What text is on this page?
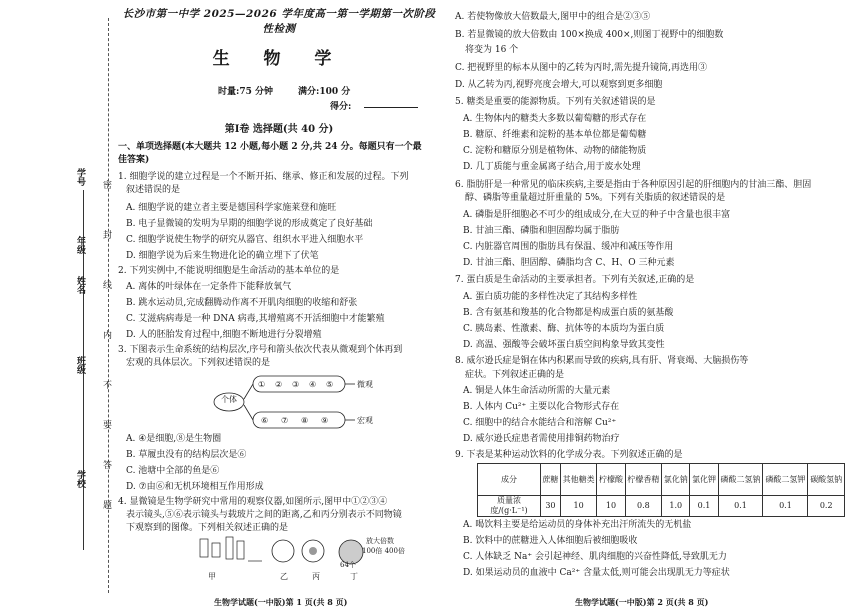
学号
年级
姓名
班级
学校
密
封
线
内
不
要
答
题
长沙市第一中学 2025—2026 学年度高一第一学期第一次阶段性检测
生 物 学
时量:75 分钟	满分:100 分
得分:
第Ⅰ卷 选择题(共 40 分)
一、单项选择题(本大题共 12 小题,每小题 2 分,共 24 分。每题只有一个最
佳答案)
1. 细胞学说的建立过程是一个不断开拓、继承、修正和发展的过程。下列
叙述错误的是
A. 细胞学说的建立者主要是德国科学家施莱登和施旺
B. 电子显微镜的发明为早期的细胞学说的形成奠定了良好基础
C. 细胞学说使生物学的研究从器官、组织水平进入细胞水平
D. 细胞学说为后来生物进化论的确立埋下了伏笔
2. 下列实例中,不能说明细胞是生命活动的基本单位的是
A. 离体的叶绿体在一定条件下能释放氧气
B. 跳水运动员,完成翻腾动作离不开肌肉细胞的收缩和舒张
C. 艾滋病病毒是一种 DNA 病毒,其增殖离不开活细胞中才能繁殖
D. 人的胚胎发育过程中,细胞不断地进行分裂增殖
3. 下图表示生命系统的结构层次,序号和箭头依次代表从微观到个体再到
宏观的具体层次。下列叙述错误的是
个体
① ② ③ ④ ⑤
⑥ ⑦ ⑧ ⑨
微观
宏观
A. ④是细胞,⑧是生物圈
B. 草履虫没有的结构层次是⑥
C. 池塘中全部的鱼是⑥
D. ⑦由⑥和无机环境相互作用形成
4. 显微镜是生物学研究中常用的观察仪器,如图所示,图甲中①②③④
表示镜头,⑤⑥表示镜头与载玻片之间的距离,乙和丙分别表示不同物镜
下观察到的图像。下列相关叙述正确的是
甲	乙	丙	丁
放大倍数
100倍 400倍
64个
生物学试题(一中版)第 1 页(共 8 页)
A. 若使物像放大倍数最大,图甲中的组合是②③⑤
B. 若显微镜的放大倍数由 100×换成 400×,则图丁视野中的细胞数
将变为 16 个
C. 把视野里的标本从图中的乙转为丙时,需先提升镜筒,再选用③
D. 从乙转为丙,视野亮度会增大,可以观察到更多细胞
5. 糖类是重要的能源物质。下列有关叙述错误的是
A. 生物体内的糖类大多数以葡萄糖的形式存在
B. 糖原、纤维素和淀粉的基本单位都是葡萄糖
C. 淀粉和糖原分别是植物体、动物的储能物质
D. 几丁质能与重金属离子结合,用于废水处理
6. 脂肪肝是一种常见的临床疾病,主要是指由于各种原因引起的肝细胞内的甘油三酯、胆固
醇、磷脂等重量超过肝重量的 5%。下列有关脂质的叙述错误的是
A. 磷脂是肝细胞必不可少的组成成分,在大豆的种子中含量也很丰富
B. 甘油三酯、磷脂和胆固醇均属于脂肪
C. 内脏器官周围的脂肪具有保温、缓冲和减压等作用
D. 甘油三酯、胆固醇、磷脂均含 C、H、O 三种元素
7. 蛋白质是生命活动的主要承担者。下列有关叙述,正确的是
A. 蛋白质功能的多样性决定了其结构多样性
B. 含有氨基和羧基的化合物都是构成蛋白质的氨基酸
C. 胰岛素、性激素、酶、抗体等的本质均为蛋白质
D. 高温、强酸等会破坏蛋白质空间构象导致其变性
8. 威尔逊氏症是铜在体内积累而导致的疾病,具有肝、肾衰竭、大脑损伤等
症状。下列叙述正确的是
A. 铜是人体生命活动所需的大量元素
B. 人体内 Cu²⁺ 主要以化合物形式存在
C. 细胞中的结合水能结合和溶解 Cu²⁺
D. 威尔逊氏症患者需使用排铜药物治疗
9. 下表是某种运动饮料的化学成分表。下列叙述正确的是
成分	蔗糖	其他糖类	柠檬酸	柠檬香精	氯化钠	氯化钾	磷酸二氢钠	磷酸二氢钾	碳酸氢钠
质量浓度/(g·L⁻¹)	30	10	10	0.8	1.0	0.1	0.1	0.1	0.2
A. 喝饮料主要是给运动员的身体补充出汗所流失的无机盐
B. 饮料中的蔗糖进入人体细胞后被细胞吸收
C. 人体缺乏 Na⁺ 会引起神经、肌肉细胞的兴奋性降低,导致肌无力
D. 如果运动员的血液中 Ca²⁺ 含量太低,则可能会出现肌无力等症状
生物学试题(一中版)第 2 页(共 8 页)
